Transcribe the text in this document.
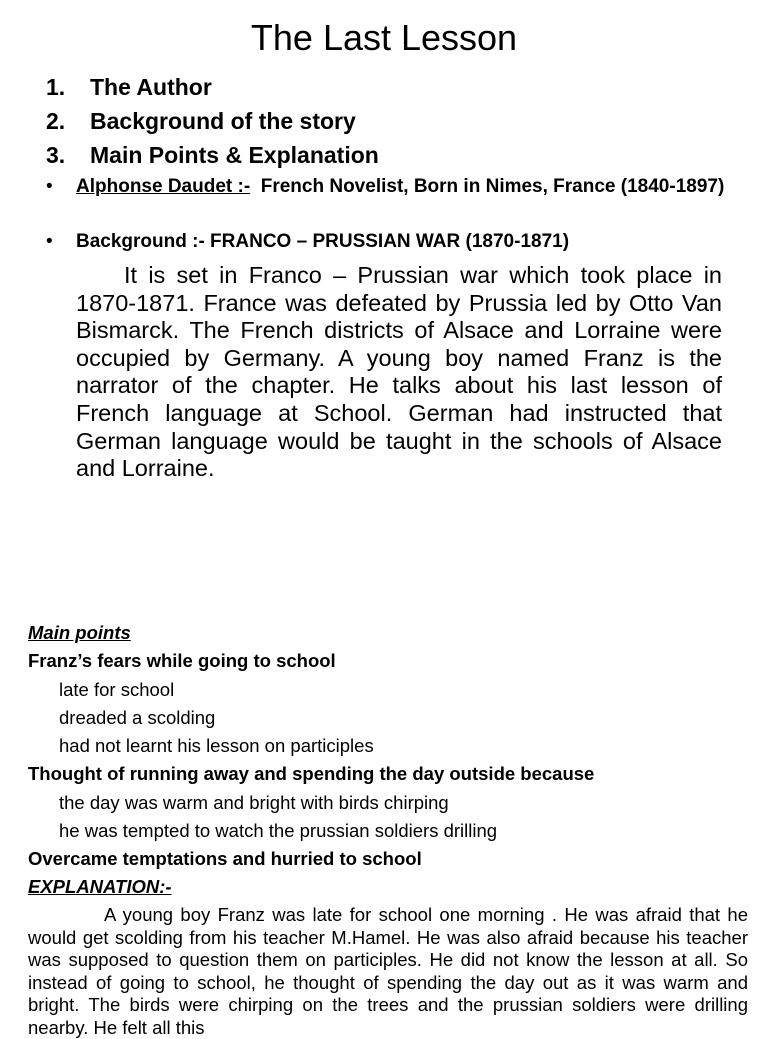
The Last Lesson
1. The Author
2. Background of the story
3. Main Points & Explanation
• Alphonse Daudet :- French Novelist, Born in Nimes, France (1840-1897)
• Background :- FRANCO – PRUSSIAN WAR (1870-1871)
It is set in Franco – Prussian war which took place in 1870-1871. France was defeated by Prussia led by Otto Van Bismarck. The French districts of Alsace and Lorraine were occupied by Germany. A young boy named Franz is the narrator of the chapter. He talks about his last lesson of French language at School. German had instructed that German language would be taught in the schools of Alsace and Lorraine.
Main points
Franz’s fears while going to school
late for school
dreaded a scolding
had not learnt his lesson on participles
Thought of running away and spending the day outside because
the day was warm and bright with birds chirping
he was tempted to watch the prussian soldiers drilling
Overcame temptations and hurried to school
EXPLANATION:-
A young boy Franz was late for school one morning . He was afraid that he would get scolding from his teacher M.Hamel. He was also afraid because his teacher was supposed to question them on participles. He did not know the lesson at all. So instead of going to school, he thought of spending the day out as it was warm and bright. The birds were chirping on the trees and the prussian soldiers were drilling nearby. He felt all this
